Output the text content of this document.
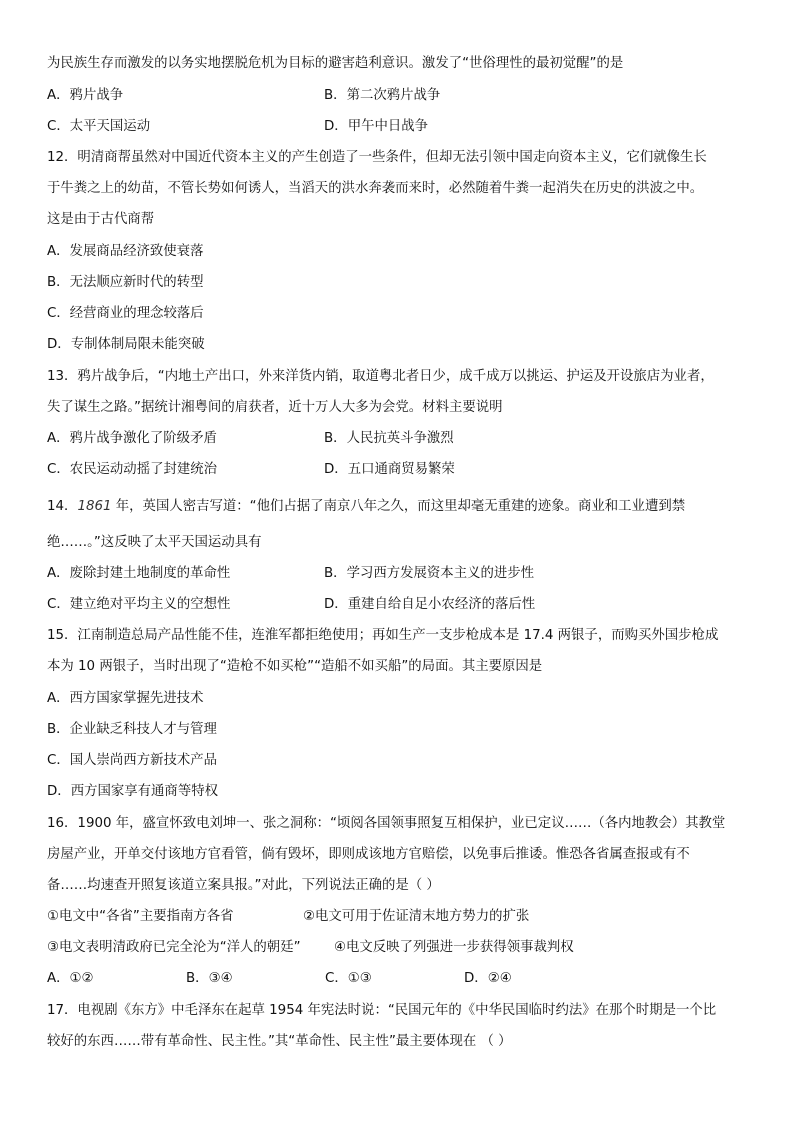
为民族生存而激发的以务实地摆脱危机为目标的避害趋利意识。激发了“世俗理性的最初觉醒”的是
A．鸦片战争	B．第二次鸦片战争
C．太平天国运动	D．甲午中日战争
12．明清商帮虽然对中国近代资本主义的产生创造了一些条件，但却无法引领中国走向资本主义，它们就像生长
于牛粪之上的幼苗，不管长势如何诱人，当滔天的洪水奔袭而来时，必然随着牛粪一起消失在历史的洪波之中。
这是由于古代商帮
A．发展商品经济致使衰落
B．无法顺应新时代的转型
C．经营商业的理念较落后
D．专制体制局限未能突破
13．鸦片战争后，“内地土产出口，外来洋货内销，取道粤北者日少，成千成万以挑运、护运及开设旅店为业者，
失了谋生之路。”据统计湘粤间的肩获者，近十万人大多为会党。材料主要说明
A．鸦片战争激化了阶级矛盾	B．人民抗英斗争激烈
C．农民运动动摇了封建统治	D．五口通商贸易繁荣
14．1861 年，英国人密吉写道：“他们占据了南京八年之久，而这里却毫无重建的迹象。商业和工业遭到禁
绝……。”这反映了太平天国运动具有
A．废除封建土地制度的革命性	B．学习西方发展资本主义的进步性
C．建立绝对平均主义的空想性	D．重建自给自足小农经济的落后性
15．江南制造总局产品性能不佳，连淮军都拒绝使用；再如生产一支步枪成本是 17.4 两银子，而购买外国步枪成
本为 10 两银子，当时出现了“造枪不如买枪”“造船不如买船”的局面。其主要原因是
A．西方国家掌握先进技术
B．企业缺乏科技人才与管理
C．国人崇尚西方新技术产品
D．西方国家享有通商等特权
16．1900 年，盛宣怀致电刘坤一、张之洞称：“顷阅各国领事照复互相保护，业已定议……（各内地教会）其教堂
房屋产业，开单交付该地方官看管，倘有毁坏，即则成该地方官赔偿，以免事后推诿。惟恐各省属查报或有不
备……均速查开照复该道立案具报。”对此，下列说法正确的是（ ）
①电文中“各省”主要指南方各省	②电文可用于佐证清末地方势力的扩张
③电文表明清政府已完全沦为“洋人的朝廷” ④电文反映了列强进一步获得领事裁判权
A．①②	B．③④	C．①③	D．②④
17．电视剧《东方》中毛泽东在起草 1954 年宪法时说：“民国元年的《中华民国临时约法》在那个时期是一个比
较好的东西……带有革命性、民主性。”其“革命性、民主性”最主要体现在 （ ）
